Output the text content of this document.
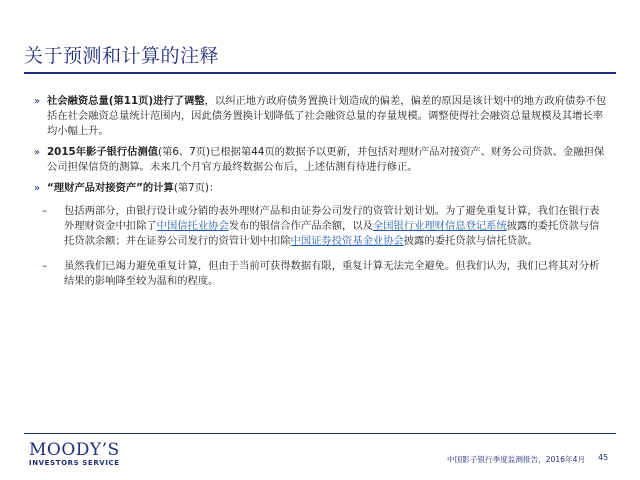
关于预测和计算的注释
» 社会融资总量(第11页)进行了调整，以纠正地方政府债务置换计划造成的偏差，偏差的原因是该计划中的地方政府债券不包括在社会融资总量统计范围内，因此债务置换计划降低了社会融资总量的存量规模。调整使得社会融资总量规模及其增长率均小幅上升。
» 2015年影子银行估测值(第6、7页)已根据第44页的数据予以更新，并包括对理财产品对接资产、财务公司贷款、金融担保公司担保信贷的测算。未来几个月官方最终数据公布后，上述估测有待进行修正。
» “理财产品对接资产”的计算(第7页)：
– 包括两部分，由银行设计或分销的表外理财产品和由证券公司发行的资管计划计划。为了避免重复计算，我们在银行表外理财资金中扣除了中国信托业协会发布的银信合作产品余额，以及全国银行业理财信息登记系统披露的委托贷款与信托贷款余额；并在证券公司发行的资管计划中扣除中国证券投资基金业协会披露的委托贷款与信托贷款。
– 虽然我们已竭力避免重复计算，但由于当前可获得数据有限，重复计算无法完全避免。但我们认为，我们已将其对分析结果的影响降至较为温和的程度。
MOODY’S
INVESTORS SERVICE	中国影子银行季度监测报告，2016年4月 45
